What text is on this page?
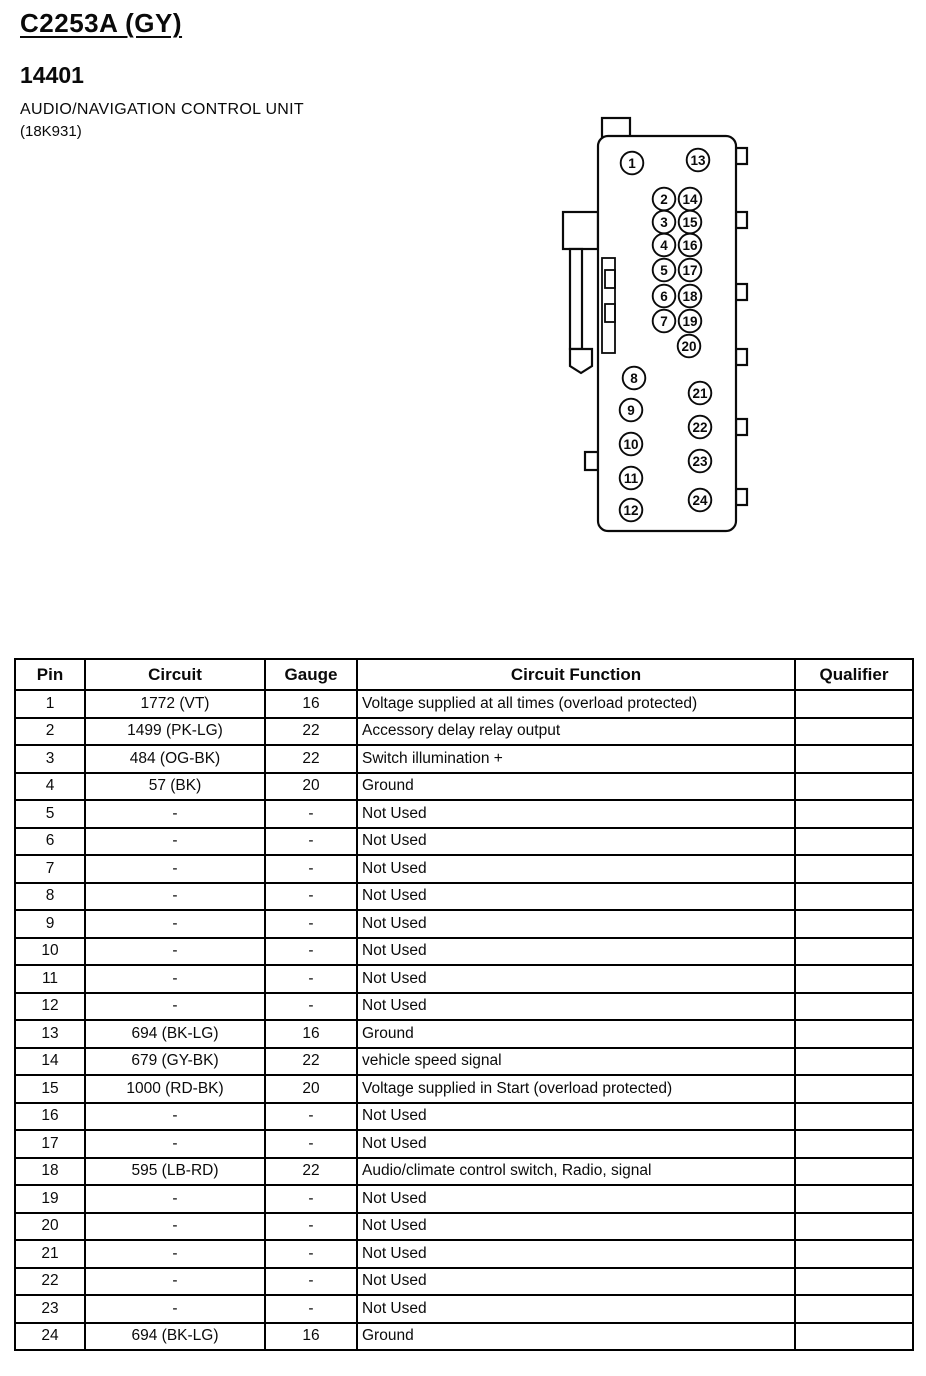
C2253A (GY)
14401
AUDIO/NAVIGATION CONTROL UNIT
(18K931)
1	13
2 14
3 15
4 16
5 17
6 18
7 19
20
8
9
10
11
12
21
22
23
24
Pin	Circuit	Gauge	Circuit Function	Qualifier
1	1772 (VT)	16	Voltage supplied at all times (overload protected)	
2	1499 (PK-LG)	22	Accessory delay relay output	
3	484 (OG-BK)	22	Switch illumination +	
4	57 (BK)	20	Ground	
5	-	-	Not Used	
6	-	-	Not Used	
7	-	-	Not Used	
8	-	-	Not Used	
9	-	-	Not Used	
10	-	-	Not Used	
11	-	-	Not Used	
12	-	-	Not Used	
13	694 (BK-LG)	16	Ground	
14	679 (GY-BK)	22	vehicle speed signal	
15	1000 (RD-BK)	20	Voltage supplied in Start (overload protected)	
16	-	-	Not Used	
17	-	-	Not Used	
18	595 (LB-RD)	22	Audio/climate control switch, Radio, signal	
19	-	-	Not Used	
20	-	-	Not Used	
21	-	-	Not Used	
22	-	-	Not Used	
23	-	-	Not Used	
24	694 (BK-LG)	16	Ground	
